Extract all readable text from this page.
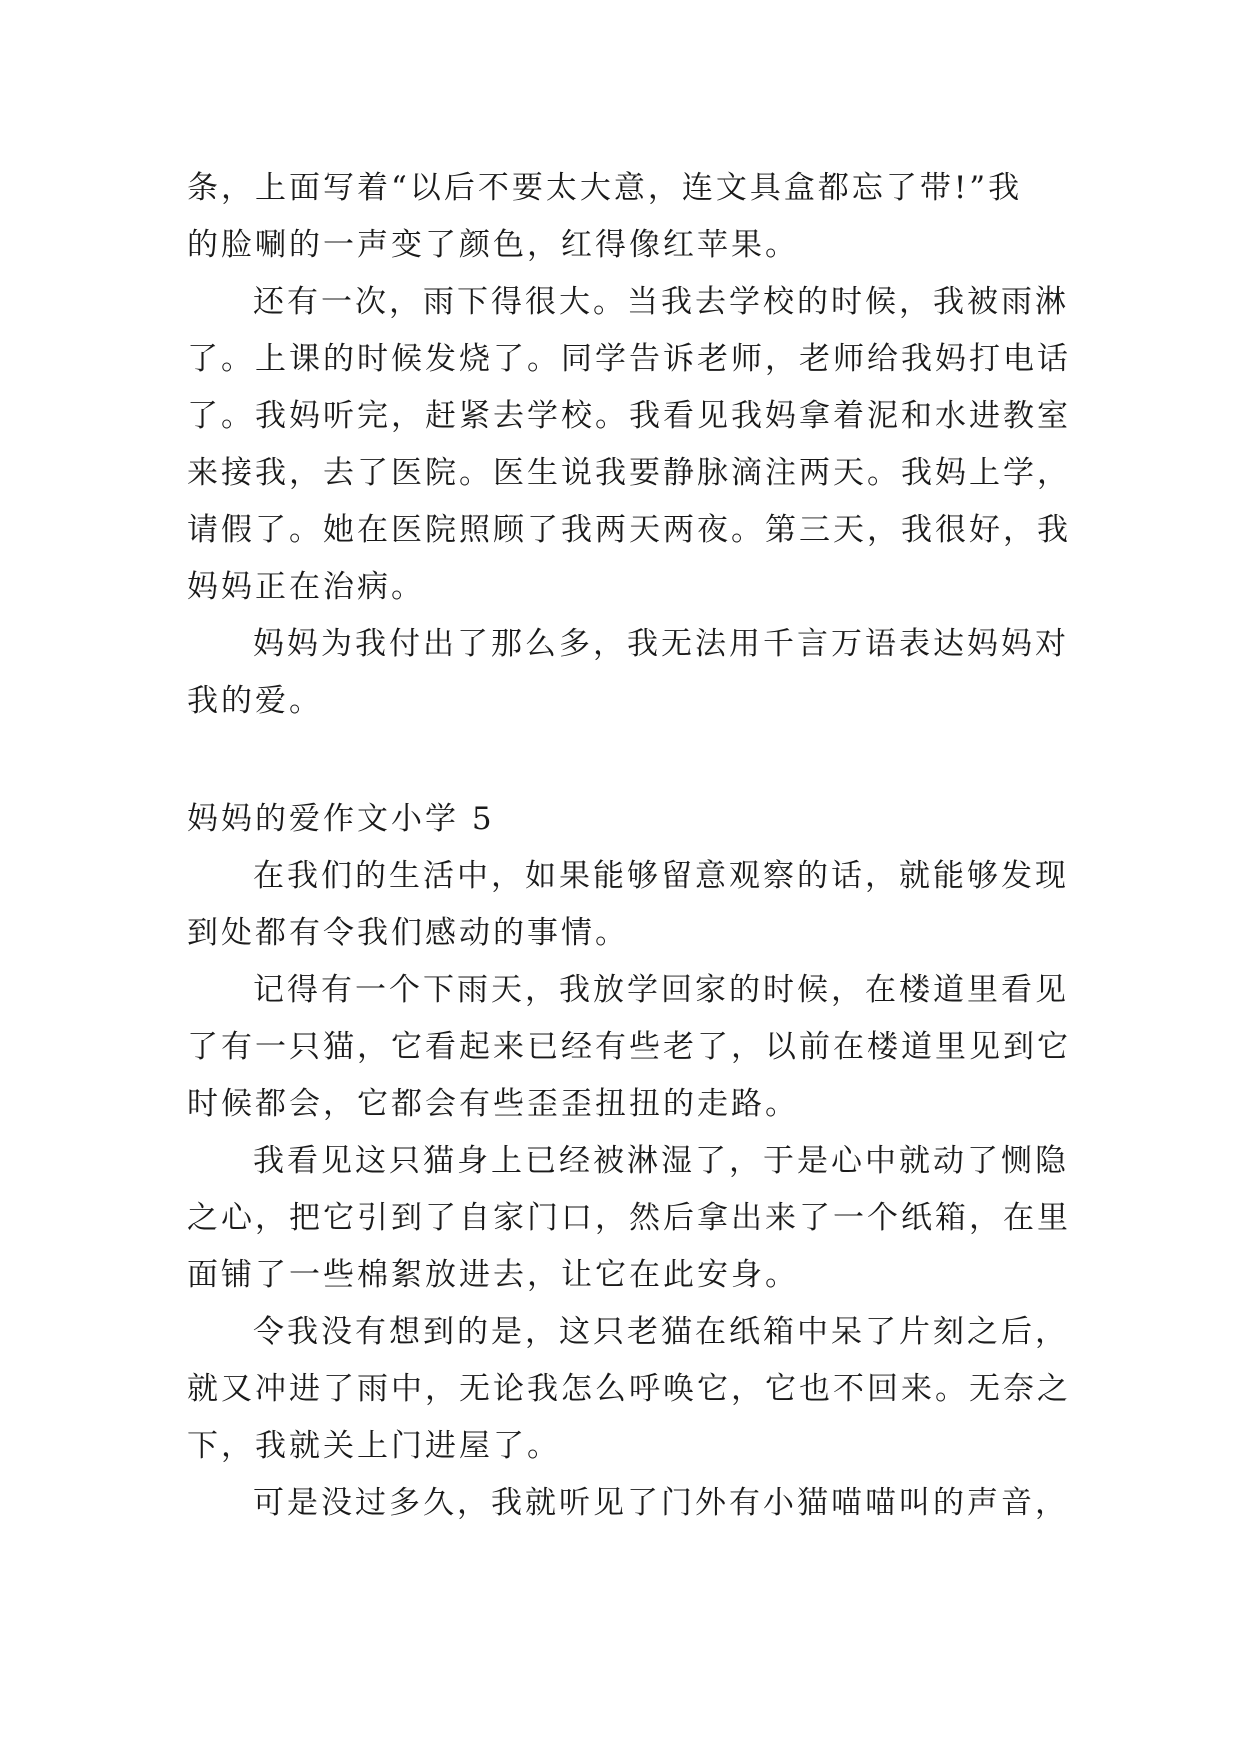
条，上面写着“以后不要太大意，连文具盒都忘了带!”我
的脸唰的一声变了颜色，红得像红苹果。
还有一次，雨下得很大。当我去学校的时候，我被雨淋
了。上课的时候发烧了。同学告诉老师，老师给我妈打电话
了。我妈听完，赶紧去学校。我看见我妈拿着泥和水进教室
来接我，去了医院。医生说我要静脉滴注两天。我妈上学，
请假了。她在医院照顾了我两天两夜。第三天，我很好，我
妈妈正在治病。
妈妈为我付出了那么多，我无法用千言万语表达妈妈对
我的爱。
妈妈的爱作文小学 5
在我们的生活中，如果能够留意观察的话，就能够发现
到处都有令我们感动的事情。
记得有一个下雨天，我放学回家的时候，在楼道里看见
了有一只猫，它看起来已经有些老了，以前在楼道里见到它
时候都会，它都会有些歪歪扭扭的走路。
我看见这只猫身上已经被淋湿了，于是心中就动了恻隐
之心，把它引到了自家门口，然后拿出来了一个纸箱，在里
面铺了一些棉絮放进去，让它在此安身。
令我没有想到的是，这只老猫在纸箱中呆了片刻之后，
就又冲进了雨中，无论我怎么呼唤它，它也不回来。无奈之
下，我就关上门进屋了。
可是没过多久，我就听见了门外有小猫喵喵叫的声音，
